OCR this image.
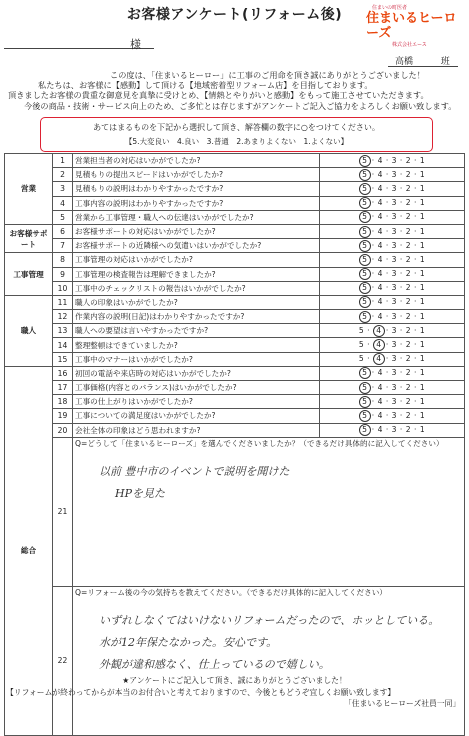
お客様アンケート(リフォーム後)	住まいの町医者
住まいるヒーローズ
株式会社エース
様
高橋	班
この度は、「住まいるヒーロー」に工事のご用命を頂き誠にありがとうございました！
私たちは、お客様に【感動】して頂ける【地域密着型リフォーム店】を目指しております。
頂きましたお客様の貴重な御意見を真摯に受けとめ、【情熱とやりがいと感動】をもって施工させていただきます。
今後の商品・技術・サービス向上のため、ご多忙とは存じますがアンケートご記入ご協力をよろしくお願い致します。
あてはまるものを下記から選択して頂き、解答欄の数字に○をつけてください。
【5.大変良い　4.良い　3.普通　2.あまりよくない　1.よくない】
営業	1	営業担当者の対応はいかがでしたか?	5 · 4 · 3 · 2 · 1
	2	見積もりの提出スピードはいかがでしたか?	5 · 4 · 3 · 2 · 1
	3	見積もりの説明はわかりやすかったですか?	5 · 4 · 3 · 2 · 1
	4	工事内容の説明はわかりやすかったですか?	5 · 4 · 3 · 2 · 1
	5	営業から工事管理・職人への伝達はいかがでしたか?	5 · 4 · 3 · 2 · 1
お客様サポート	6	お客様サポートの対応はいかがでしたか?	5 · 4 · 3 · 2 · 1
	7	お客様サポートの近隣様への気遣いはいかがでしたか?	5 · 4 · 3 · 2 · 1
工事管理	8	工事管理の対応はいかがでしたか?	5 · 4 · 3 · 2 · 1
	9	工事管理の検査報告は理解できましたか?	5 · 4 · 3 · 2 · 1
	10	工事中のチェックリストの報告はいかがでしたか?	5 · 4 · 3 · 2 · 1
職人	11	職人の印象はいかがでしたか?	5 · 4 · 3 · 2 · 1
	12	作業内容の説明(日記)はわかりやすかったですか?	5 · 4 · 3 · 2 · 1
	13	職人への要望は言いやすかったですか?	5 · 4 · 3 · 2 · 1
	14	整理整頓はできていましたか?	5 · 4 · 3 · 2 · 1
	15	工事中のマナーはいかがでしたか?	5 · 4 · 3 · 2 · 1
総合	16	初回の電話や来店時の対応はいかがでしたか?	5 · 4 · 3 · 2 · 1
	17	工事価格(内容とのバランス)はいかがでしたか?	5 · 4 · 3 · 2 · 1
	18	工事の仕上がりはいかがでしたか?	5 · 4 · 3 · 2 · 1
	19	工事についての満足度はいかがでしたか?	5 · 4 · 3 · 2 · 1
	20	会社全体の印象はどう思われますか?	5 · 4 · 3 · 2 · 1
	21	Q=どうして「住まいるヒーローズ」を選んでくださいましたか？（できるだけ具体的に記入してください）
以前 豊中市のイベントで説明を聞けた
HPを見た	

	22	Q=リフォーム後の今の気持ちを教えてください。（できるだけ具体的に記入してください）
いずれしなくてはいけないリフォームだったので、ホッとしている。
水が12年保たなかった。安心です。
外観が違和感なく、仕上っているので嬉しい。	
★アンケートにご記入して頂き、誠にありがとうございました！
【リフォームが終わってからが本当のお付合いと考えておりますので、今後ともどうぞ宜しくお願い致します】
「住まいるヒーローズ社員一同」
